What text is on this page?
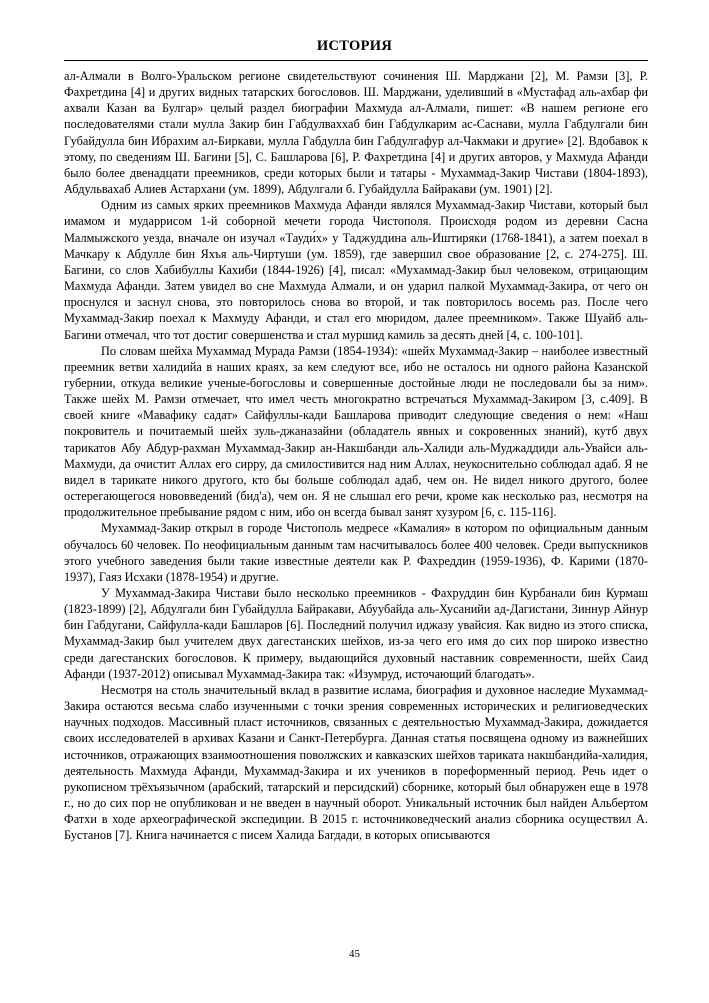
ИСТОРИЯ

ал-Алмали в Волго-Уральском регионе свидетельствуют сочинения Ш. Марджани [2], М. Рамзи [3], Р. Фахретдина [4] и других видных татарских богословов. Ш. Марджани, уделивший в «Мустафад аль-ахбар фи ахвали Казан ва Булгар» целый раздел биографии Махмуда ал-Алмали, пишет: «В нашем регионе его последователями стали мулла Закир бин Габдулваххаб бин Габдулкарим ас-Саснави, мулла Габдулгали бин Губайдулла бин Ибрахим ал-Биркави, мулла Габдулла бин Габдулгафур ал-Чакмаки и другие» [2]. Вдобавок к этому, по сведениям Ш. Багини [5], С. Башларова [6], Р. Фахретдина [4] и других авторов, у Махмуда Афанди было более двенадцати преемников, среди которых были и татары - Мухаммад-Закир Чистави (1804-1893), Абдульвахаб Алиев Астархани (ум. 1899), Абдулгали б. Губайдулла Байракави (ум. 1901) [2].

Одним из самых ярких преемников Махмуда Афанди являлся Мухаммад-Закир Чистави, который был имамом и мударрисом 1-й соборной мечети города Чистополя. Происходя родом из деревни Сасна Малмыжского уезда, вначале он изучал «Тауди́х» у Таджуддина аль-Иштиряки (1768-1841), а затем поехал в Мачкару к Абдулле бин Яхъя аль-Чиртуши (ум. 1859), где завершил свое образование [2, с. 274-275]. Ш. Багини, со слов Хабибуллы Кахиби (1844-1926) [4], писал: «Мухаммад-Закир был человеком, отрицающим Махмуда Афанди. Затем увидел во сне Махмуда Алмали, и он ударил палкой Мухаммад-Закира, от чего он проснулся и заснул снова, это повторилось снова во второй, и так повторилось восемь раз. После чего Мухаммад-Закир поехал к Махмуду Афанди, и стал его мюридом, далее преемником». Также Шуайб аль-Багини отмечал, что тот достиг совершенства и стал муршид камиль за десять дней [4, с. 100-101].

По словам шейха Мухаммад Мурада Рамзи (1854-1934): «шейх Мухаммад-Закир – наиболее известный преемник ветви халидийа в наших краях, за кем следуют все, ибо не осталось ни одного района Казанской губернии, откуда великие ученые-богословы и совершенные достойные люди не последовали бы за ним». Также шейх М. Рамзи отмечает, что имел честь многократно встречаться Мухаммад-Закиром [3, с.409]. В своей книге «Мавафику садат» Сайфуллы-кади Башларова приводит следующие сведения о нем: «Наш покровитель и почитаемый шейх зуль-джаназайни (обладатель явных и сокровенных знаний), кутб двух тарикатов Абу Абдур-рахман Мухаммад-Закир ан-Накшбанди аль-Халиди аль-Муджаддиди аль-Увайси аль-Махмуди, да очистит Аллах его сирру, да смилостивится над ним Аллах, неукоснительно соблюдал адаб. Я не видел в тарикате никого другого, кто бы больше соблюдал адаб, чем он. Не видел никого другого, более остерегающегося нововведений (бид'а), чем он. Я не слышал его речи, кроме как несколько раз, несмотря на продолжительное пребывание рядом с ним, ибо он всегда бывал занят хузуром [6, с. 115-116].

Мухаммад-Закир открыл в городе Чистополь медресе «Камалия» в котором по официальным данным обучалось 60 человек. По неофициальным данным там насчитывалось более 400 человек. Среди выпускников этого учебного заведения были такие известные деятели как Р. Фахреддин (1959-1936), Ф. Карими (1870-1937), Гаяз Исхаки (1878-1954) и другие.

У Мухаммад-Закира Чистави было несколько преемников - Фахруддин бин Курбанали бин Курмаш (1823-1899) [2], Абдулгали бин Губайдулла Байракави, Абуубайда аль-Хусанийи ад-Дагистани, Зиннур Айнур бин Габдугани, Сайфулла-кади Башларов [6]. Последний получил иджазу увайсия. Как видно из этого списка, Мухаммад-Закир был учителем двух дагестанских шейхов, из-за чего его имя до сих пор широко известно среди дагестанских богословов. К примеру, выдающийся духовный наставник современности, шейх Саид Афанди (1937-2012) описывал Мухаммад-Закира так: «Изумруд, источающий благодать».

Несмотря на столь значительный вклад в развитие ислама, биография и духовное наследие Мухаммад-Закира остаются весьма слабо изученными с точки зрения современных исторических и религиоведческих научных подходов. Массивный пласт источников, связанных с деятельностью Мухаммад-Закира, дожидается своих исследователей в архивах Казани и Санкт-Петербурга. Данная статья посвящена одному из важнейших источников, отражающих взаимоотношения поволжских и кавказских шейхов тариката накшбандийа-халидия, деятельность Махмуда Афанди, Мухаммад-Закира и их учеников в пореформенный период. Речь идет о рукописном трёхъязычном (арабский, татарский и персидский) сборнике, который был обнаружен еще в 1978 г., но до сих пор не опубликован и не введен в научный оборот. Уникальный источник был найден Альбертом Фатхи в ходе археографической экспедиции. В 2015 г. источниковедческий анализ сборника осуществил А. Бустанов [7]. Книга начинается с писем Халида Багдади, в которых описываются

45
